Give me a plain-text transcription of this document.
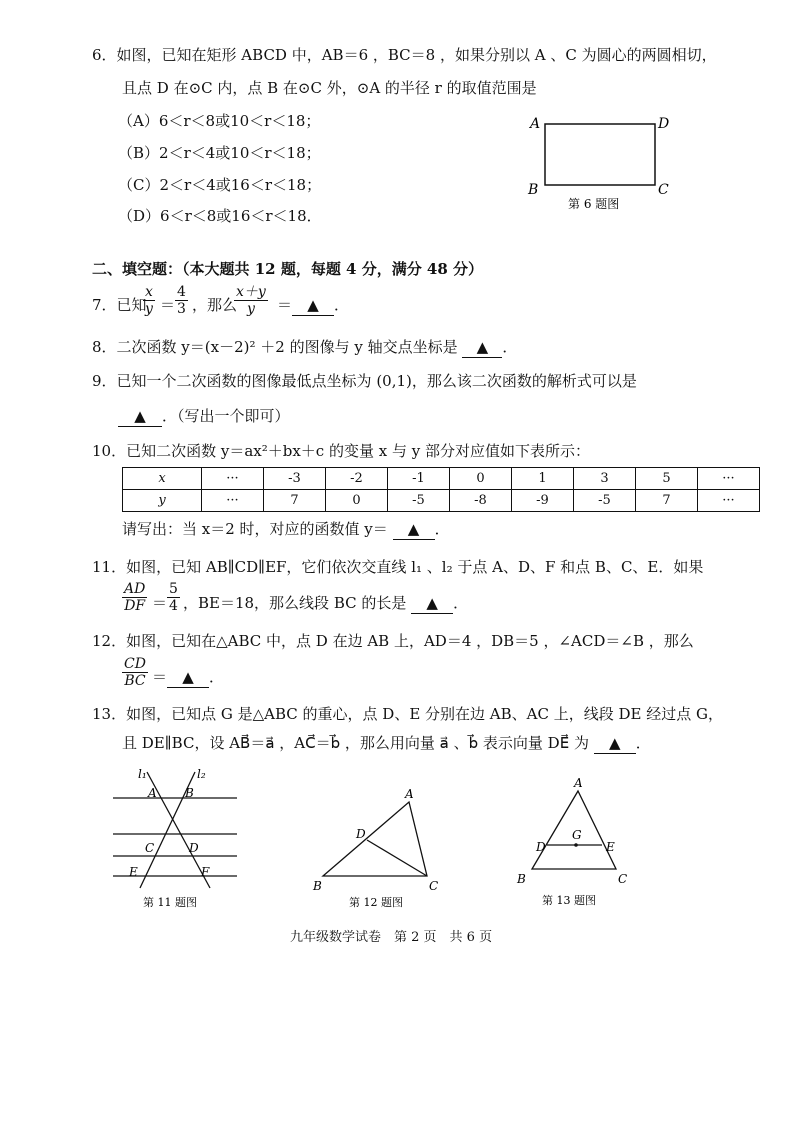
6．如图，已知在矩形 ABCD 中，AB＝6 ，BC＝8 ，如果分别以 A 、C 为圆心的两圆相切，
且点 D 在⊙C 内，点 B 在⊙C 外，⊙A 的半径 r 的取值范围是
（A）6＜r＜8或10＜r＜18；
（B）2＜r＜4或10＜r＜18；
（C）2＜r＜4或16＜r＜18；
（D）6＜r＜8或16＜r＜18．
A	D
B	C
第 6 题图
二、填空题：（本大题共 12 题，每题 4 分，满分 48 分）
7．已知
$\frac{x}{y} = \frac{4}{3}$ ，那么
$\frac{x+y}{y}$ ＝	▲ ．
8．二次函数 y＝(x－2)² ＋2 的图像与 y 轴交点坐标是 ▲ ．
9．已知一个二次函数的图像最低点坐标为 (0,1)，那么该二次函数的解析式可以是
▲ ．（写出一个即可）
10．已知二次函数 y＝ax²＋bx＋c 的变量 x 与 y 部分对应值如下表所示：
x	···	-3	-2	-1	0	1	3	5	···
y	···	7	0	-5	-8	-9	-5	7	···
请写出：当 x＝2 时，对应的函数值 y＝ ▲ ．
11．如图，已知 AB∥CD∥EF，它们依次交直线 l₁ 、l₂ 于点 A、D、F 和点 B、C、E．如果
$\frac{AD}{DF} = \frac{5}{4}$ ，BE＝18，那么线段 BC 的长是 ▲ ．
12．如图，已知在△ABC 中，点 D 在边 AB 上，AD＝4 ，DB＝5 ，∠ACD＝∠B ，那么
$\frac{CD}{BC}$ ＝ ▲ ．
13．如图，已知点 G 是△ABC 的重心，点 D、E 分别在边 AB、AC 上，线段 DE 经过点 G，
且 DE∥BC，设 AB⃗＝a⃗ ，AC⃗＝b⃗ ，那么用向量 a⃗ 、b⃗ 表示向量 DE⃗ 为 ▲ ．
l₁	l₂
A B
C	D
E	F
第 11 题图
A
D
B	C
第 12 题图
A
G
D	E
B	C
第 13 题图
九年级数学试卷　第 2 页　共 6 页
